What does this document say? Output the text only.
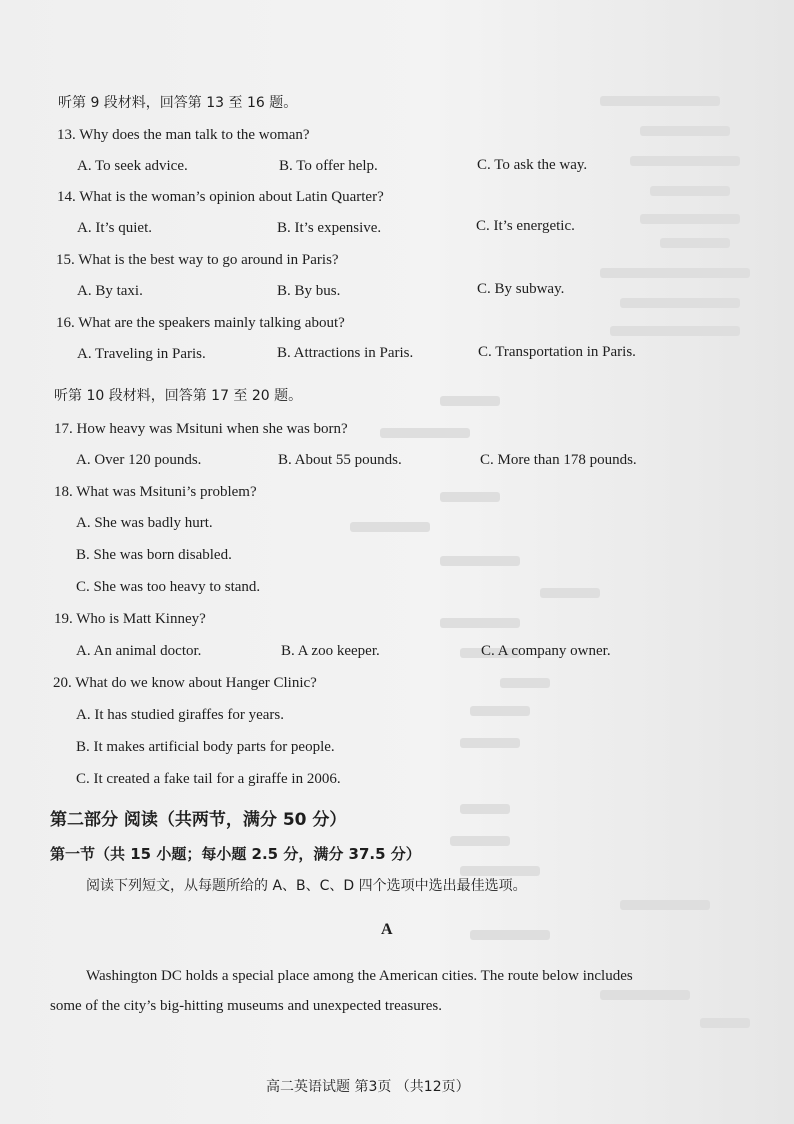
听第 9 段材料，回答第 13 至 16 题。
13. Why does the man talk to the woman?
A. To seek advice.	B. To offer help.	C. To ask the way.
14. What is the woman’s opinion about Latin Quarter?
A. It’s quiet.	B. It’s expensive.	C. It’s energetic.
15. What is the best way to go around in Paris?
A. By taxi.	B. By bus.	C. By subway.
16. What are the speakers mainly talking about?
A. Traveling in Paris.	B. Attractions in Paris.	C. Transportation in Paris.
听第 10 段材料，回答第 17 至 20 题。
17. How heavy was Msituni when she was born?
A. Over 120 pounds.	B. About 55 pounds.	C. More than 178 pounds.
18. What was Msituni’s problem?
A. She was badly hurt.
B. She was born disabled.
C. She was too heavy to stand.
19. Who is Matt Kinney?
A. An animal doctor.	B. A zoo keeper.	C. A company owner.
20. What do we know about Hanger Clinic?
A. It has studied giraffes for years.
B. It makes artificial body parts for people.
C. It created a fake tail for a giraffe in 2006.
第二部分 阅读（共两节，满分 50 分）
第一节（共 15 小题；每小题 2.5 分，满分 37.5 分）
阅读下列短文，从每题所给的 A、B、C、D 四个选项中选出最佳选项。
A
Washington DC holds a special place among the American cities. The route below includes
some of the city’s big-hitting museums and unexpected treasures.
高二英语试题 第3页 （共12页）
